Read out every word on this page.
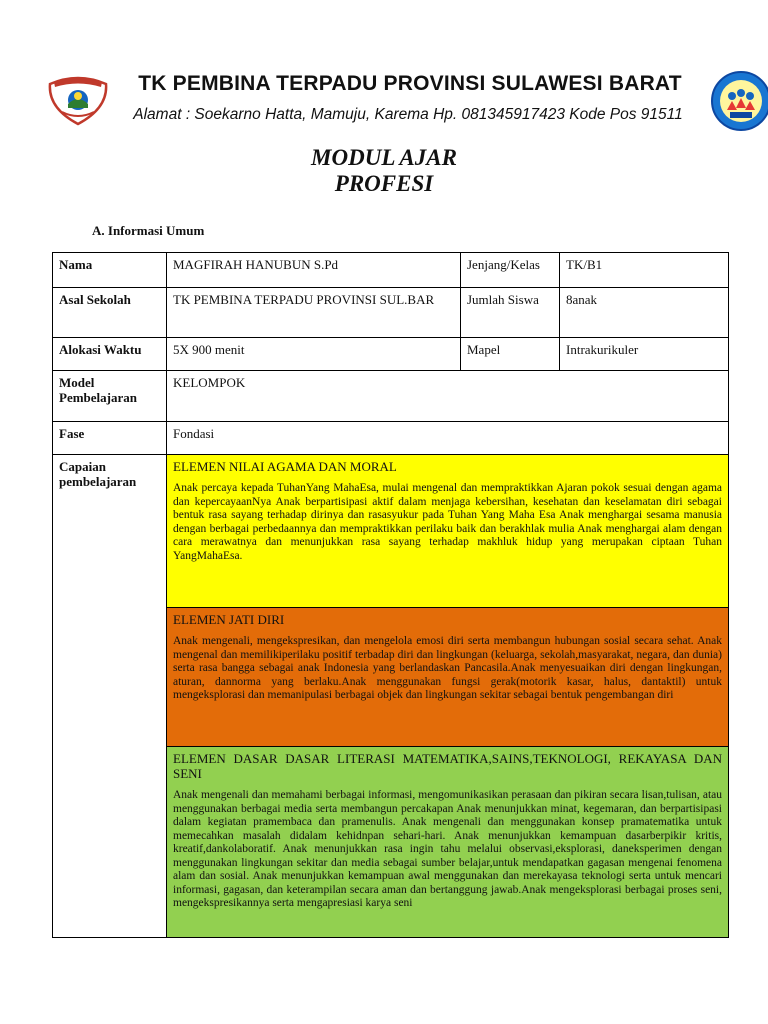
TK PEMBINA TERPADU PROVINSI SULAWESI BARAT
Alamat : Soekarno Hatta, Mamuju, Karema Hp. 081345917423 Kode Pos 91511
MODUL AJAR
PROFESI
A. Informasi Umum
Nama	MAGFIRAH HANUBUN S.Pd	Jenjang/Kelas	TK/B1
Asal Sekolah	TK PEMBINA TERPADU PROVINSI SUL.BAR	Jumlah Siswa	8anak
Alokasi Waktu	5X 900 menit	Mapel	Intrakurikuler
Model Pembelajaran	KELOMPOK		
Fase	Fondasi		
Capaian pembelajaran	ELEMEN NILAI AGAMA DAN MORAL
Anak percaya kepada TuhanYang MahaEsa, mulai mengenal dan mempraktikkan Ajaran pokok sesuai dengan agama dan kepercayaanNya Anak berpartisipasi aktif dalam menjaga kebersihan, kesehatan dan keselamatan diri sebagai bentuk rasa sayang terhadap dirinya dan rasasyukur pada Tuhan Yang Maha Esa Anak menghargai sesama manusia dengan berbagai perbedaannya dan mempraktikkan perilaku baik dan berakhlak mulia Anak menghargai alam dengan cara merawatnya dan menunjukkan rasa sayang terhadap makhluk hidup yang merupakan ciptaan Tuhan YangMahaEsa.		

	ELEMEN JATI DIRI
Anak mengenali, mengekspresikan, dan mengelola emosi diri serta membangun hubungan sosial secara sehat. Anak mengenal dan memilikiperilaku positif terbadap diri dan lingkungan (keluarga, sekolah,masyarakat, negara, dan dunia) serta rasa bangga sebagai anak Indonesia yang berlandaskan Pancasila.Anak menyesuaikan diri dengan lingkungan, aturan, dannorma yang berlaku.Anak menggunakan fungsi gerak(motorik kasar, halus, dantaktil) untuk mengeksplorasi dan memanipulasi berbagai objek dan lingkungan sekitar sebagai bentuk pengembangan diri		

	ELEMEN DASAR DASAR LITERASI MATEMATIKA,SAINS,TEKNOLOGI, REKAYASA DAN SENI
Anak mengenali dan memahami berbagai informasi, mengomunikasikan perasaan dan pikiran secara lisan,tulisan, atau menggunakan berbagai media serta membangun percakapan Anak menunjukkan minat, kegemaran, dan berpartisipasi dalam kegiatan pramembaca dan pramenulis. Anak mengenali dan menggunakan konsep pramatematika untuk memecahkan masalah didalam kehidnpan sehari-hari. Anak menunjukkan kemampuan dasarberpikir kritis, kreatif,dankolaboratif. Anak menunjukkan rasa ingin tahu melalui observasi,eksplorasi, daneksperimen dengan menggunakan lingkungan sekitar dan media sebagai sumber belajar,untuk mendapatkan gagasan mengenai fenomena alam dan sosial. Anak menunjukkan kemampuan awal menggunakan dan merekayasa teknologi serta untuk mencari informasi, gagasan, dan keterampilan secara aman dan bertanggung jawab.Anak mengeksplorasi berbagai proses seni, mengekspresikannya serta mengapresiasi karya seni		
